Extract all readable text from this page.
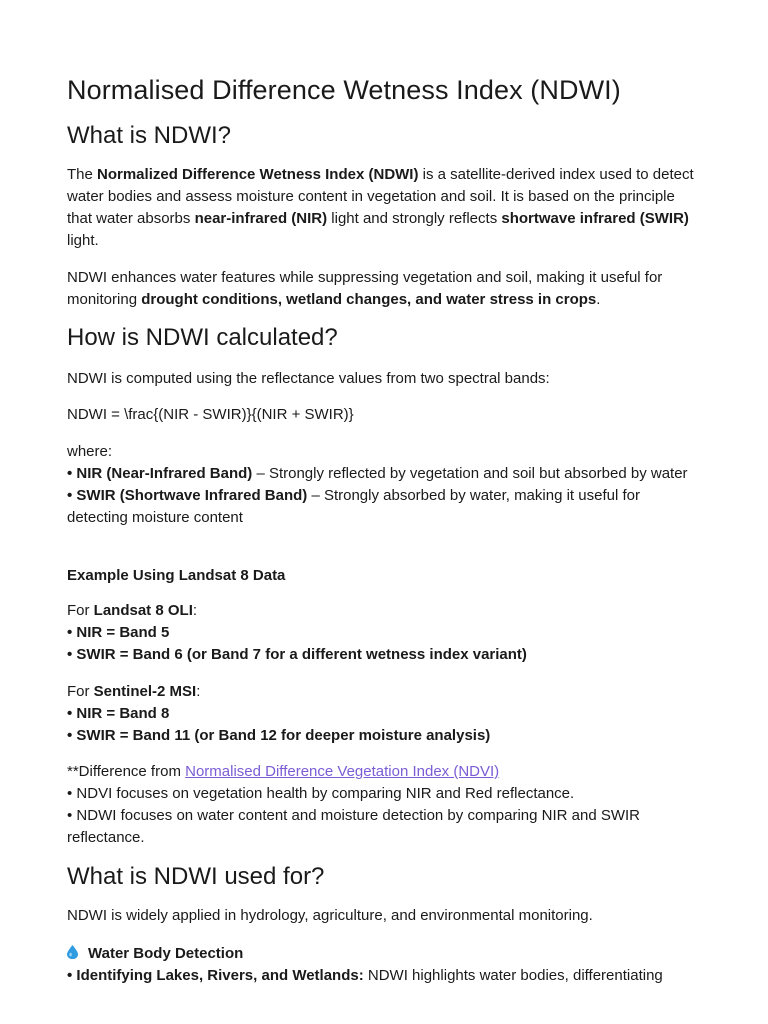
Normalised Difference Wetness Index (NDWI)
What is NDWI?

The Normalized Difference Wetness Index (NDWI) is a satellite-derived index used to detect water bodies and assess moisture content in vegetation and soil. It is based on the principle that water absorbs near-infrared (NIR) light and strongly reflects shortwave infrared (SWIR) light.

NDWI enhances water features while suppressing vegetation and soil, making it useful for monitoring drought conditions, wetland changes, and water stress in crops.

How is NDWI calculated?

NDWI is computed using the reflectance values from two spectral bands:

NDWI = \frac{(NIR - SWIR)}{(NIR + SWIR)}

where:
• NIR (Near-Infrared Band) – Strongly reflected by vegetation and soil but absorbed by water
• SWIR (Shortwave Infrared Band) – Strongly absorbed by water, making it useful for detecting moisture content

Example Using Landsat 8 Data

For Landsat 8 OLI:
• NIR = Band 5
• SWIR = Band 6 (or Band 7 for a different wetness index variant)
For Sentinel-2 MSI:
• NIR = Band 8
• SWIR = Band 11 (or Band 12 for deeper moisture analysis)
**Difference from Normalised Difference Vegetation Index (NDVI)
• NDVI focuses on vegetation health by comparing NIR and Red reflectance.
• NDWI focuses on water content and moisture detection by comparing NIR and SWIR reflectance.
What is NDWI used for?

NDWI is widely applied in hydrology, agriculture, and environmental monitoring.

Water Body Detection

• Identifying Lakes, Rivers, and Wetlands: NDWI highlights water bodies, differentiating
